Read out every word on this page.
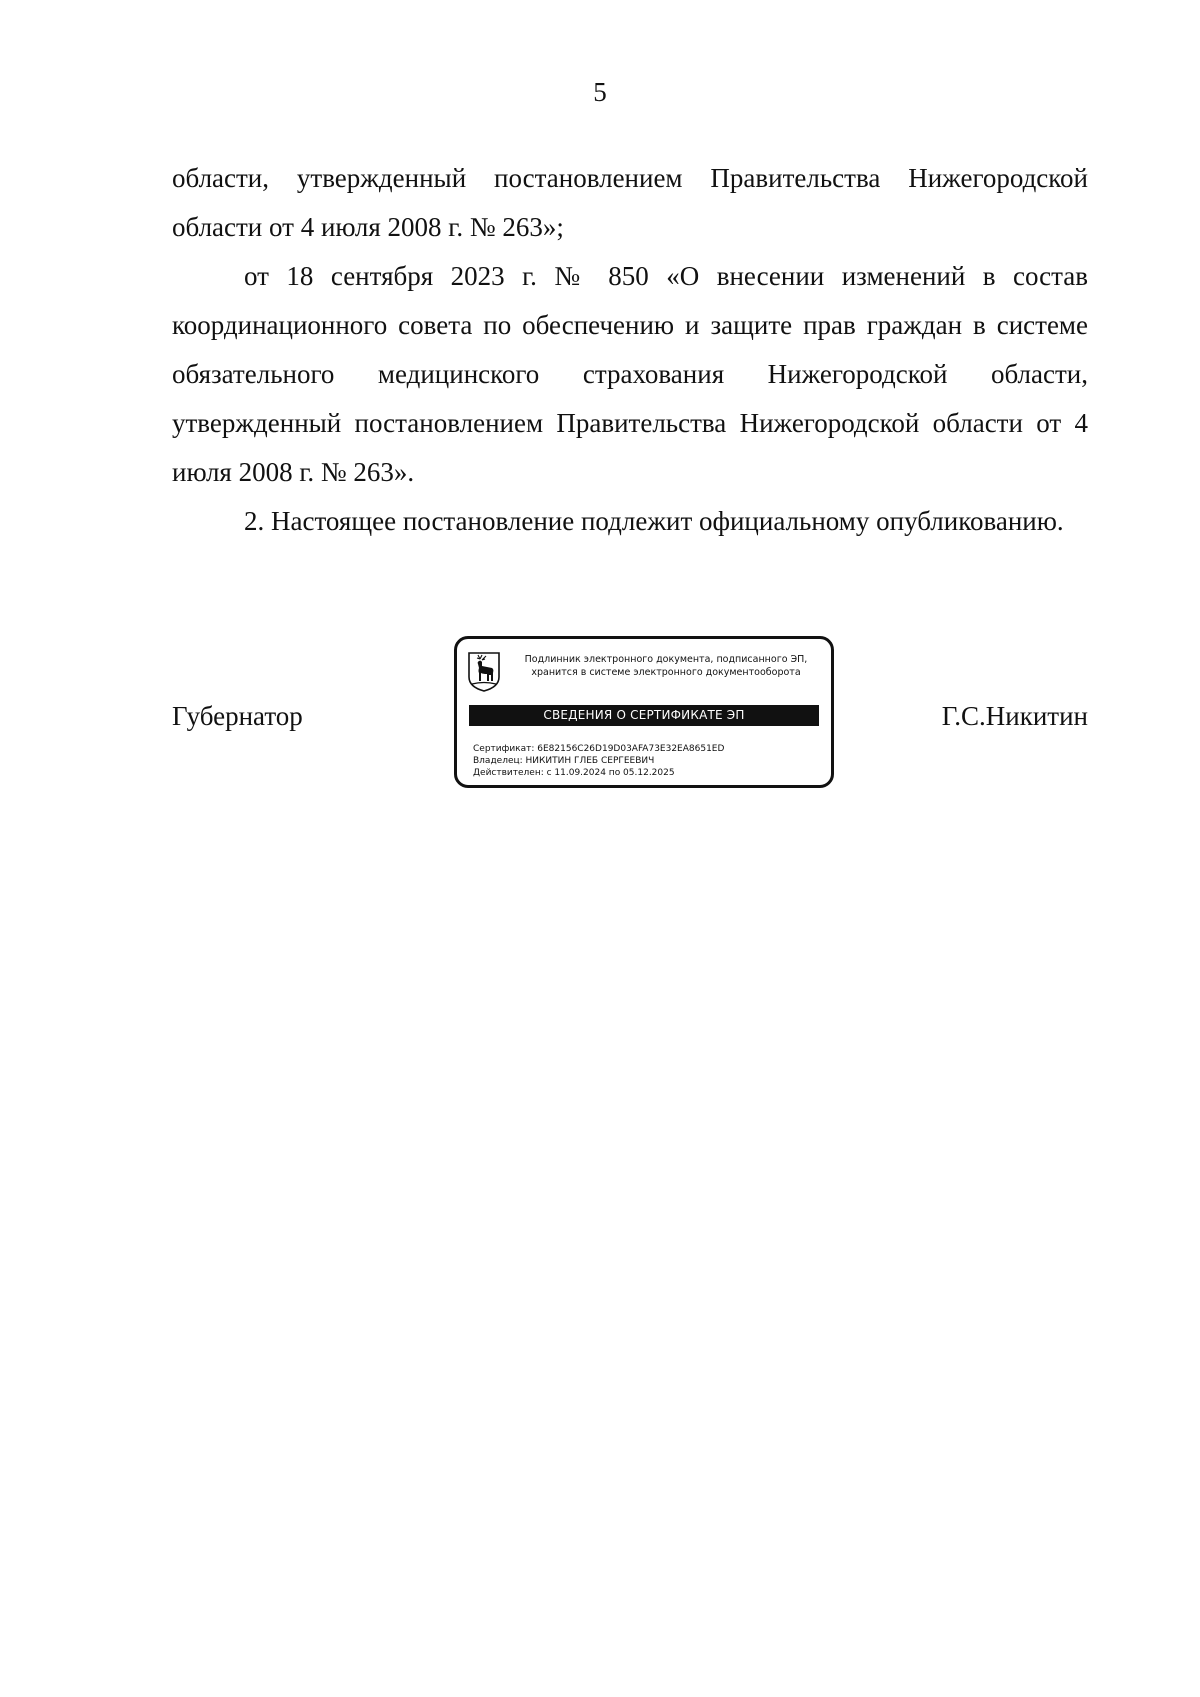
5

области, утвержденный постановлением Правительства Нижегородской области от 4 июля 2008 г. № 263»;

от 18 сентября 2023 г. № 850 «О внесении изменений в состав координационного совета по обеспечению и защите прав граждан в системе обязательного медицинского страхования Нижегородской области, утвержденный постановлением Правительства Нижегородской области от 4 июля 2008 г. № 263».

2. Настоящее постановление подлежит официальному опубликованию.

Губернатор
Подлинник электронного документа, подписанного ЭП,
хранится в системе электронного документооборота
СВЕДЕНИЯ О СЕРТИФИКАТЕ ЭП
Сертификат: 6E82156C26D19D03AFA73E32EA8651ED
Владелец: НИКИТИН ГЛЕБ СЕРГЕЕВИЧ
Действителен: с 11.09.2024 по 05.12.2025
Г.С.Никитин
